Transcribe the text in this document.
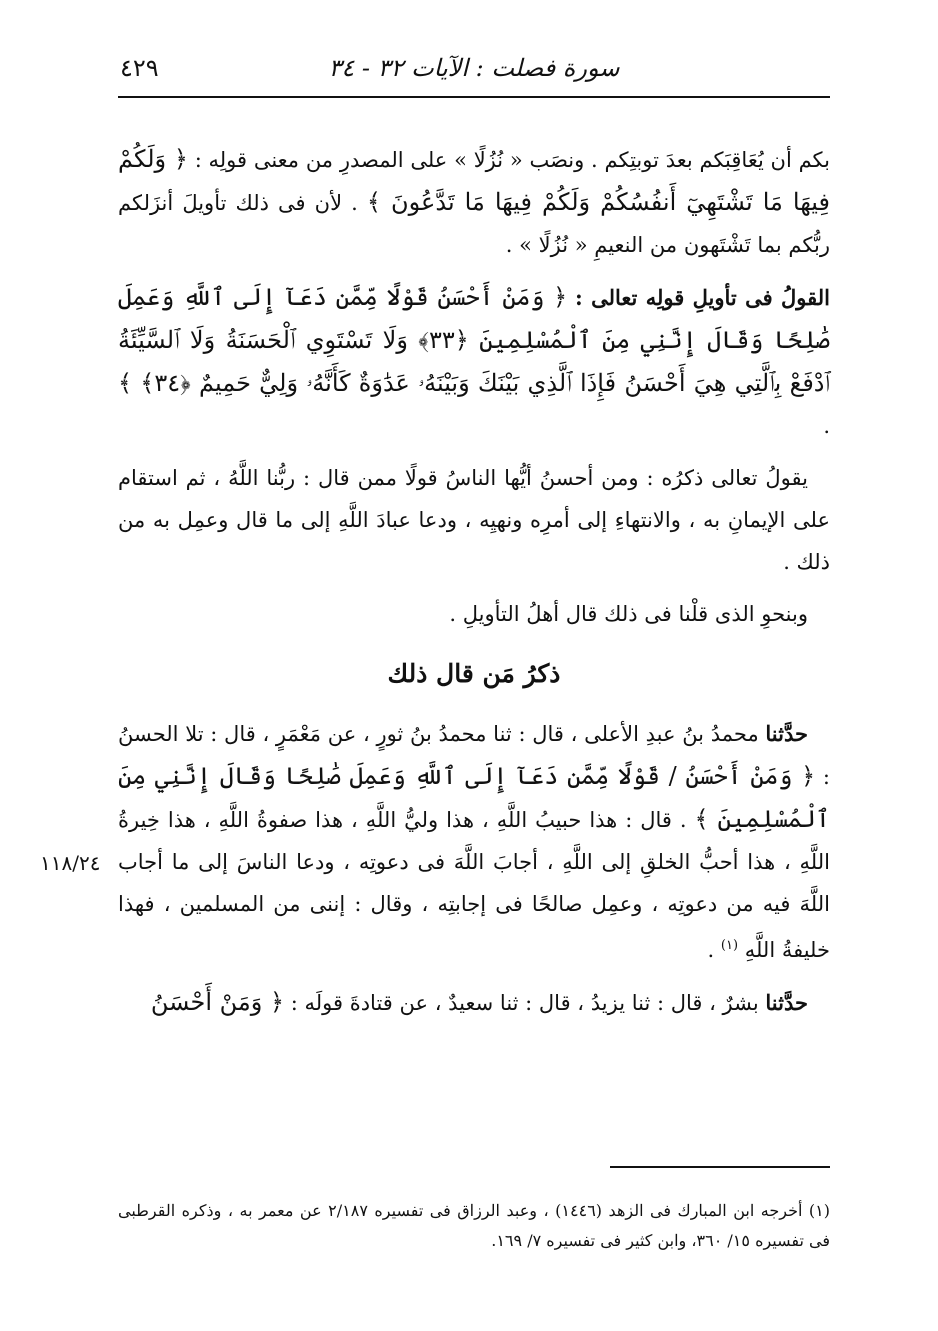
سورة فصلت : الآيات ٣٢ - ٣٤
٤٢٩
١١٨/٢٤

بكم أن يُعَاقِبَكم بعدَ توبتِكم . ونصَب « نُزُلًا » على المصدرِ من معنى قولِه : ﴿ وَلَكُمْ فِيهَا مَا تَشْتَهِيٓ أَنفُسُكُمْ وَلَكُمْ فِيهَا مَا تَدَّعُونَ ﴾ . لأن فى ذلك تأويلَ أنزَلكم ربُّكم بما تَشْتَهون من النعيمِ « نُزُلًا » .

القولُ فى تأويلِ قولِه تعالى : ﴿ وَمَنْ أَحْسَنُ قَوْلًا مِّمَّن دَعَآ إِلَى ٱللَّهِ وَعَمِلَ صَٰلِحًا وَقَالَ إِنَّنِي مِنَ ٱلْمُسْلِمِينَ ﴿٣٣﴾ وَلَا تَسْتَوِي ٱلْحَسَنَةُ وَلَا ٱلسَّيِّئَةُ ٱدْفَعْ بِٱلَّتِي هِيَ أَحْسَنُ فَإِذَا ٱلَّذِي بَيْنَكَ وَبَيْنَهُۥ عَدَٰوَةٌ كَأَنَّهُۥ وَلِيٌّ حَمِيمٌ ﴿٣٤﴾ ﴾ .

يقولُ تعالى ذكرُه : ومن أحسنُ أيُّها الناسُ قولًا ممن قال : ربُّنا اللَّهُ ، ثم استقام على الإيمانِ به ، والانتهاءِ إلى أمرِه ونهيِه ، ودعا عبادَ اللَّهِ إلى ما قال وعمِل به من ذلك .

وبنحوِ الذى قلْنا فى ذلك قال أهلُ التأويلِ .

ذكرُ مَن قال ذلك

حدَّثنا محمدُ بنُ عبدِ الأعلى ، قال : ثنا محمدُ بنُ ثورٍ ، عن مَعْمَرٍ ، قال : تلا الحسنُ : ﴿ وَمَنْ أَحْسَنُ / قَوْلًا مِّمَّن دَعَآ إِلَى ٱللَّهِ وَعَمِلَ صَٰلِحًا وَقَالَ إِنَّنِي مِنَ ٱلْمُسْلِمِينَ ﴾ . قال : هذا حبيبُ اللَّهِ ، هذا وليُّ اللَّهِ ، هذا صفوةُ اللَّهِ ، هذا خِيرةُ اللَّهِ ، هذا أحبُّ الخلقِ إلى اللَّهِ ، أجابَ اللَّهَ فى دعوتِه ، ودعا الناسَ إلى ما أجاب اللَّهَ فيه من دعوتِه ، وعمِل صالحًا فى إجابتِه ، وقال : إننى من المسلمين ، فهذا خليفةُ اللَّهِ $^{(١)}$ .

حدَّثنا بشرٌ ، قال : ثنا يزيدُ ، قال : ثنا سعيدٌ ، عن قتادةَ قولَه : ﴿ وَمَنْ أَحْسَنُ

(١) أخرجه ابن المبارك فى الزهد (١٤٤٦) ، وعبد الرزاق فى تفسيره ٢/١٨٧ عن معمر به ، وذكره القرطبى فى تفسيره ١٥/ ٣٦٠، وابن كثير فى تفسيره ٧/ ١٦٩.
